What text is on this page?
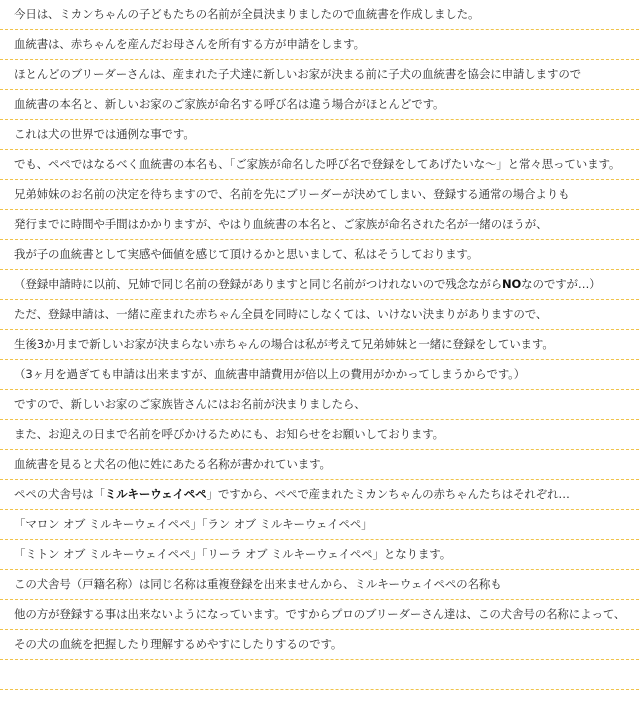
今日は、ミカンちゃんの子どもたちの名前が全員決まりましたので血統書を作成しました。
血統書は、赤ちゃんを産んだお母さんを所有する方が申請をします。
ほとんどのブリーダーさんは、産まれた子犬達に新しいお家が決まる前に子犬の血統書を協会に申請しますので
血統書の本名と、新しいお家のご家族が命名する呼び名は違う場合がほとんどです。
これは犬の世界では通例な事です。
でも、ペペではなるべく血統書の本名も、「ご家族が命名した呼び名で登録をしてあげたいな～」と常々思っています。
兄弟姉妹のお名前の決定を待ちますので、名前を先にブリーダーが決めてしまい、登録する通常の場合よりも
発行までに時間や手間はかかりますが、やはり血統書の本名と、ご家族が命名された名が一緒のほうが、
我が子の血統書として実感や価値を感じて頂けるかと思いまして、私はそうしております。
（登録申請時に以前、兄姉で同じ名前の登録がありますと同じ名前がつけれないので残念ながらNOなのですが…）
ただ、登録申請は、一緒に産まれた赤ちゃん全員を同時にしなくては、いけない決まりがありますので、
生後3か月まで新しいお家が決まらない赤ちゃんの場合は私が考えて兄弟姉妹と一緒に登録をしています。
（3ヶ月を過ぎても申請は出来ますが、血統書申請費用が倍以上の費用がかかってしまうからです。）
ですので、新しいお家のご家族皆さんにはお名前が決まりましたら、
また、お迎えの日まで名前を呼びかけるためにも、お知らせをお願いしております。
血統書を見ると犬名の他に姓にあたる名称が書かれています。
ペペの犬舎号は「ミルキーウェイペペ」ですから、ペペで産まれたミカンちゃんの赤ちゃんたちはそれぞれ…
「マロン オブ ミルキーウェイペペ」「ラン オブ ミルキーウェイペペ」
「ミトン オブ ミルキーウェイペペ」「リーラ オブ ミルキーウェイペペ」となります。
この犬舎号（戸籍名称）は同じ名称は重複登録を出来ませんから、ミルキーウェイペペの名称も
他の方が登録する事は出来ないようになっています。ですからプロのブリーダーさん達は、この犬舎号の名称によって、
その犬の血統を把握したり理解するめやすにしたりするのです。
